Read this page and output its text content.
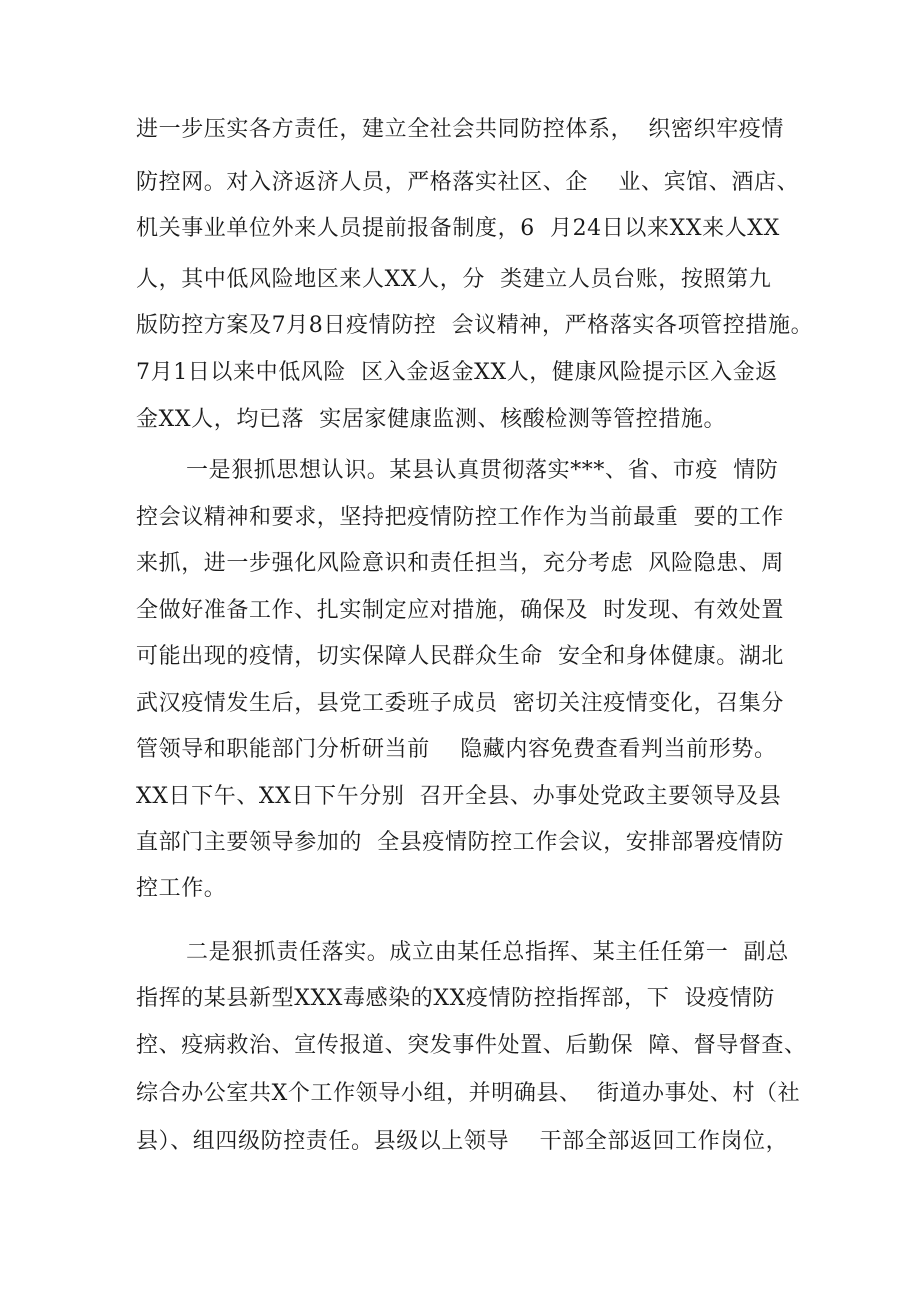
进一步压实各方责任，建立全社会共同防控体系，  织密织牢疫情
防控网。对入济返济人员，严格落实社区、企    业、宾馆、酒店、
机关事业单位外来人员提前报备制度，6  月24日以来XX来人XX
人，其中低风险地区来人XX人，分  类建立人员台账，按照第九
版防控方案及7月8日疫情防控  会议精神，严格落实各项管控措施。
7月1日以来中低风险  区入金返金XX人，健康风险提示区入金返
金XX人，均已落  实居家健康监测、核酸检测等管控措施。
一是狠抓思想认识。某县认真贯彻落实***、省、市疫  情防
控会议精神和要求，坚持把疫情防控工作作为当前最重  要的工作
来抓，进一步强化风险意识和责任担当，充分考虑  风险隐患、周
全做好准备工作、扎实制定应对措施，确保及  时发现、有效处置
可能出现的疫情，切实保障人民群众生命  安全和身体健康。湖北
武汉疫情发生后，县党工委班子成员  密切关注疫情变化，召集分
管领导和职能部门分析研当前    隐藏内容免费查看判当前形势。
XX日下午、XX日下午分别  召开全县、办事处党政主要领导及县
直部门主要领导参加的  全县疫情防控工作会议，安排部署疫情防
控工作。
二是狠抓责任落实。成立由某任总指挥、某主任任第一  副总
指挥的某县新型XXX毒感染的XX疫情防控指挥部，下  设疫情防
控、疫病救治、宣传报道、突发事件处置、后勤保  障、督导督查、
综合办公室共X个工作领导小组，并明确县、  街道办事处、村（社
县）、组四级防控责任。县级以上领导    干部全部返回工作岗位，
